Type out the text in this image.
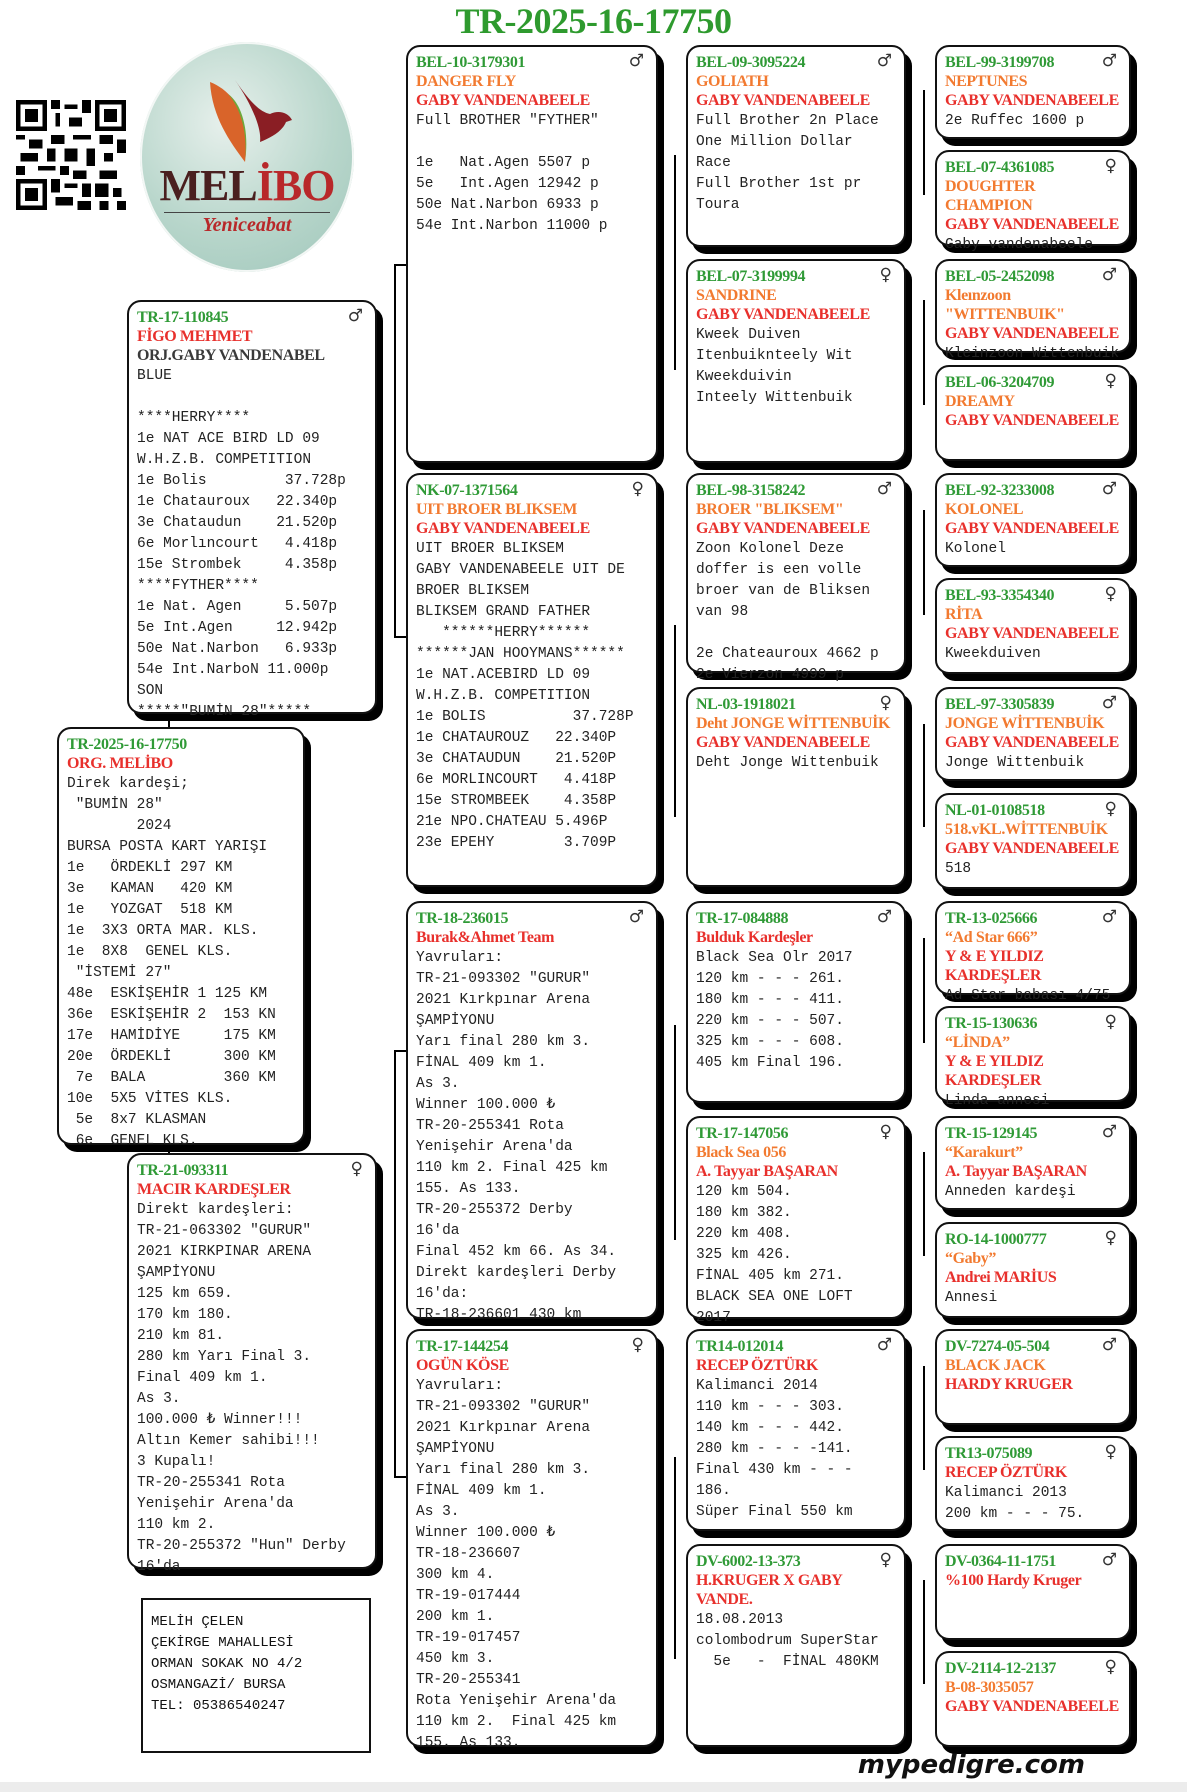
TR-2025-16-17750
MELİBO
Yeniceabat
TR-2025-16-17750
ORG. MELİBO
Direk kardeşi;
"BUMİN 28"
2024
BURSA POSTA KART YARIŞI
1e   ÖRDEKLİ 297 KM
3e   KAMAN   420 KM
1e   YOZGAT  518 KM
1e  3X3 ORTA MAR. KLS.
1e  8X8  GENEL KLS.
"İSTEMİ 27"
48e  ESKİŞEHİR 1 125 KM
36e  ESKİŞEHİR 2  153 KN
17e  HAMİDİYE     175 KM
20e  ÖRDEKLİ      300 KM
7e  BALA         360 KM
10e  5X5 VİTES KLS.
5e  8x7 KLASMAN
6e  GENEL KLS.
♂
TR-17-110845
FİGO MEHMET
ORJ.GABY VANDENABEL
BLUE

****HERRY****
1e NAT ACE BIRD LD 09
W.H.Z.B. COMPETITION
1e Bolis         37.728p
1e Chatauroux   22.340p
3e Chataudun    21.520p
6e Morlıncourt   4.418p
15e Strombek     4.358p
****FYTHER****
1e Nat. Agen     5.507p
5e Int.Agen     12.942p
50e Nat.Narbon   6.933p
54e Int.NarboN 11.000p
SON
*****"BUMİN 28"*****
♀
TR-21-093311
MACIR KARDEŞLER
Direkt kardeşleri:
TR-21-063302 "GURUR"
2021 KIRKPINAR ARENA
ŞAMPİYONU
125 km 659.
170 km 180.
210 km 81.
280 km Yarı Final 3.
Final 409 km 1.
As 3.
100.000 ₺ Winner!!!
Altın Kemer sahibi!!!
3 Kupalı!
TR-20-255341 Rota
Yenişehir Arena'da
110 km 2.
TR-20-255372 "Hun" Derby
16'da
♂
BEL-10-3179301
DANGER FLY
GABY VANDENABEELE
Full BROTHER "FYTHER"

1e   Nat.Agen 5507 p
5e   Int.Agen 12942 p
50e Nat.Narbon 6933 p
54e Int.Narbon 11000 p
♀
NK-07-1371564
UIT BROER BLIKSEM
GABY VANDENABEELE
UIT BROER BLIKSEM
GABY VANDENABEELE UIT DE
BROER BLIKSEM
BLIKSEM GRAND FATHER
******HERRY******
******JAN HOOYMANS******
1e NAT.ACEBIRD LD 09
W.H.Z.B. COMPETITION
1e BOLIS          37.728P
1e CHATAUROUZ   22.340P
3e CHATAUDUN    21.520P
6e MORLINCOURT   4.418P
15e STROMBEEK    4.358P
21e NPO.CHATEAU 5.496P
23e EPEHY        3.709P
♂
TR-18-236015
Burak&Ahmet Team
Yavruları:
TR-21-093302 "GURUR"
2021 Kırkpınar Arena
ŞAMPİYONU
Yarı final 280 km 3.
FİNAL 409 km 1.
As 3.
Winner 100.000 ₺
TR-20-255341 Rota
Yenişehir Arena'da
110 km 2. Final 425 km
155. As 133.
TR-20-255372 Derby
16'da
Final 452 km 66. As 34.
Direkt kardeşleri Derby
16'da:
TR-18-236601 430 km
♀
TR-17-144254
OGÜN KÖSE
Yavruları:
TR-21-093302 "GURUR"
2021 Kırkpınar Arena
ŞAMPİYONU
Yarı final 280 km 3.
FİNAL 409 km 1.
As 3.
Winner 100.000 ₺
TR-18-236607
300 km 4.
TR-19-017444
200 km 1.
TR-19-017457
450 km 3.
TR-20-255341
Rota Yenişehir Arena'da
110 km 2.  Final 425 km
155. As 133.
♂
BEL-09-3095224
GOLIATH
GABY VANDENABEELE
Full Brother 2n Place
One Million Dollar
Race
Full Brother 1st pr
Toura
♀
BEL-07-3199994
SANDRINE
GABY VANDENABEELE
Kweek Duiven
Itenbuiknteely Wit
Kweekduivin
Inteely Wittenbuik
♂
BEL-98-3158242
BROER "BLIKSEM"
GABY VANDENABEELE
Zoon Kolonel Deze
doffer is een volle
broer van de Bliksen
van 98

2e Chateauroux 4662 p
2e Vierzon 4999 p
♀
NL-03-1918021
Deht JONGE WİTTENBUİK
GABY VANDENABEELE
Deht Jonge Wittenbuik
♂
TR-17-084888
Bulduk Kardeşler
Black Sea Olr 2017
120 km - - - 261.
180 km - - - 411.
220 km - - - 507.
325 km - - - 608.
405 km Final 196.
♀
TR-17-147056
Black Sea 056
A. Tayyar BAŞARAN
120 km 504.
180 km 382.
220 km 408.
325 km 426.
FİNAL 405 km 271.
BLACK SEA ONE LOFT
2017
♂
TR14-012014
RECEP ÖZTÜRK
Kalimanci 2014
110 km - - - 303.
140 km - - - 442.
280 km - - - -141.
Final 430 km - - -
186.
Süper Final 550 km
♀
DV-6002-13-373
H.KRUGER X GABY
VANDE.
18.08.2013
colombodrum SuperStar
5e   -  FİNAL 480KM
♂
BEL-99-3199708
NEPTUNES
GABY VANDENABEELE
2e Ruffec 1600 p
♀
BEL-07-4361085
DOUGHTER
CHAMPION
GABY VANDENABEELE
Gaby vandenabeele
♂
BEL-05-2452098
Kleınzoon
"WITTENBUIK"
GABY VANDENABEELE
Kleinzoon Wittenbuik
♀
BEL-06-3204709
DREAMY
GABY VANDENABEELE
♂
BEL-92-3233008
KOLONEL
GABY VANDENABEELE
Kolonel
♀
BEL-93-3354340
RİTA
GABY VANDENABEELE
Kweekduiven
♂
BEL-97-3305839
JONGE WİTTENBUİK
GABY VANDENABEELE
Jonge Wittenbuik
♀
NL-01-0108518
518.vKL.WİTTENBUİK
GABY VANDENABEELE
518
♂
TR-13-025666
“Ad Star 666”
Y & E YILDIZ
KARDEŞLER
Ad Star babası 4/75
♀
TR-15-130636
“LİNDA”
Y & E YILDIZ
KARDEŞLER
Linda annesi
♂
TR-15-129145
“Karakurt”
A. Tayyar BAŞARAN
Anneden kardeşi
♀
RO-14-1000777
“Gaby”
Andrei MARİUS
Annesi
♂
DV-7274-05-504
BLACK JACK
HARDY KRUGER
♀
TR13-075089
RECEP ÖZTÜRK
Kalimanci 2013
200 km - - - 75.
♂
DV-0364-11-1751
%100 Hardy Kruger
♀
DV-2114-12-2137
B-08-3035057
GABY VANDENABEELE
MELİH ÇELEN
ÇEKİRGE MAHALLESİ
ORMAN SOKAK NO 4/2
OSMANGAZİ/ BURSA
TEL: 05386540247
mypedigre.com
